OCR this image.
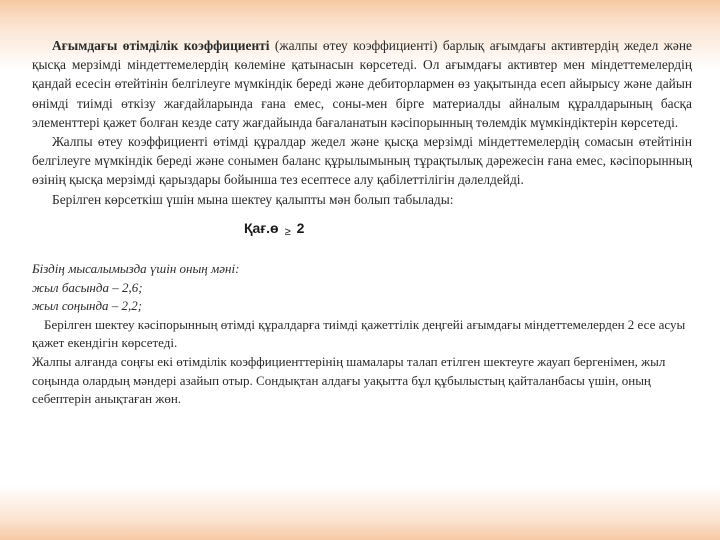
Ағымдағы өтімділік коэффициенті (жалпы өтеу коэффициенті) барлық ағымдағы активтердің жедел және қысқа мерзімді міндеттемелердің көлеміне қатынасын көрсетеді. Ол ағымдағы активтер мен міндеттемелердің қандай есесін өтейтінін белгілеуге мүмкіндік береді және дебиторлармен өз уақытында есеп айырысу және дайын өнімді тиімді өткізу жағдайларында ғана емес, соны-мен бірге материалды айналым құралдарының басқа элементтері қажет болған кезде сату жағдайында бағаланатын кәсіпорынның төлемдік мүмкіндіктерін көрсетеді.

Жалпы өтеу коэффициенті өтімді құралдар жедел және қысқа мерзімді міндеттемелердің сомасын өтейтінін белгілеуге мүмкіндік береді және сонымен баланс құрылымының тұрақтылық дәрежесін ғана емес, кәсіпорынның өзінің қысқа мерзімді қарыздары бойынша тез есептесе алу қабілеттілігін дәлелдейді.

Берілген көрсеткіш үшін мына шектеу қалыпты мән болып табылады:

Қағ.ө ≥ 2

Біздің мысалымызда үшін оның мәні:

жыл басында – 2,6;

жыл соңында – 2,2;

Берілген шектеу кәсіпорынның өтімді құралдарға тиімді қажеттілік деңгейі ағымдағы міндеттемелерден 2 есе асуы қажет екендігін көрсетеді.

Жалпы алғанда соңғы екі өтімділік коэффициенттерінің шамалары талап етілген шектеуге жауап бергенімен, жыл соңында олардың мәндері азайып отыр. Сондықтан алдағы уақытта бұл құбылыстың қайталанбасы үшін, оның себептерін анықтаған жөн.
